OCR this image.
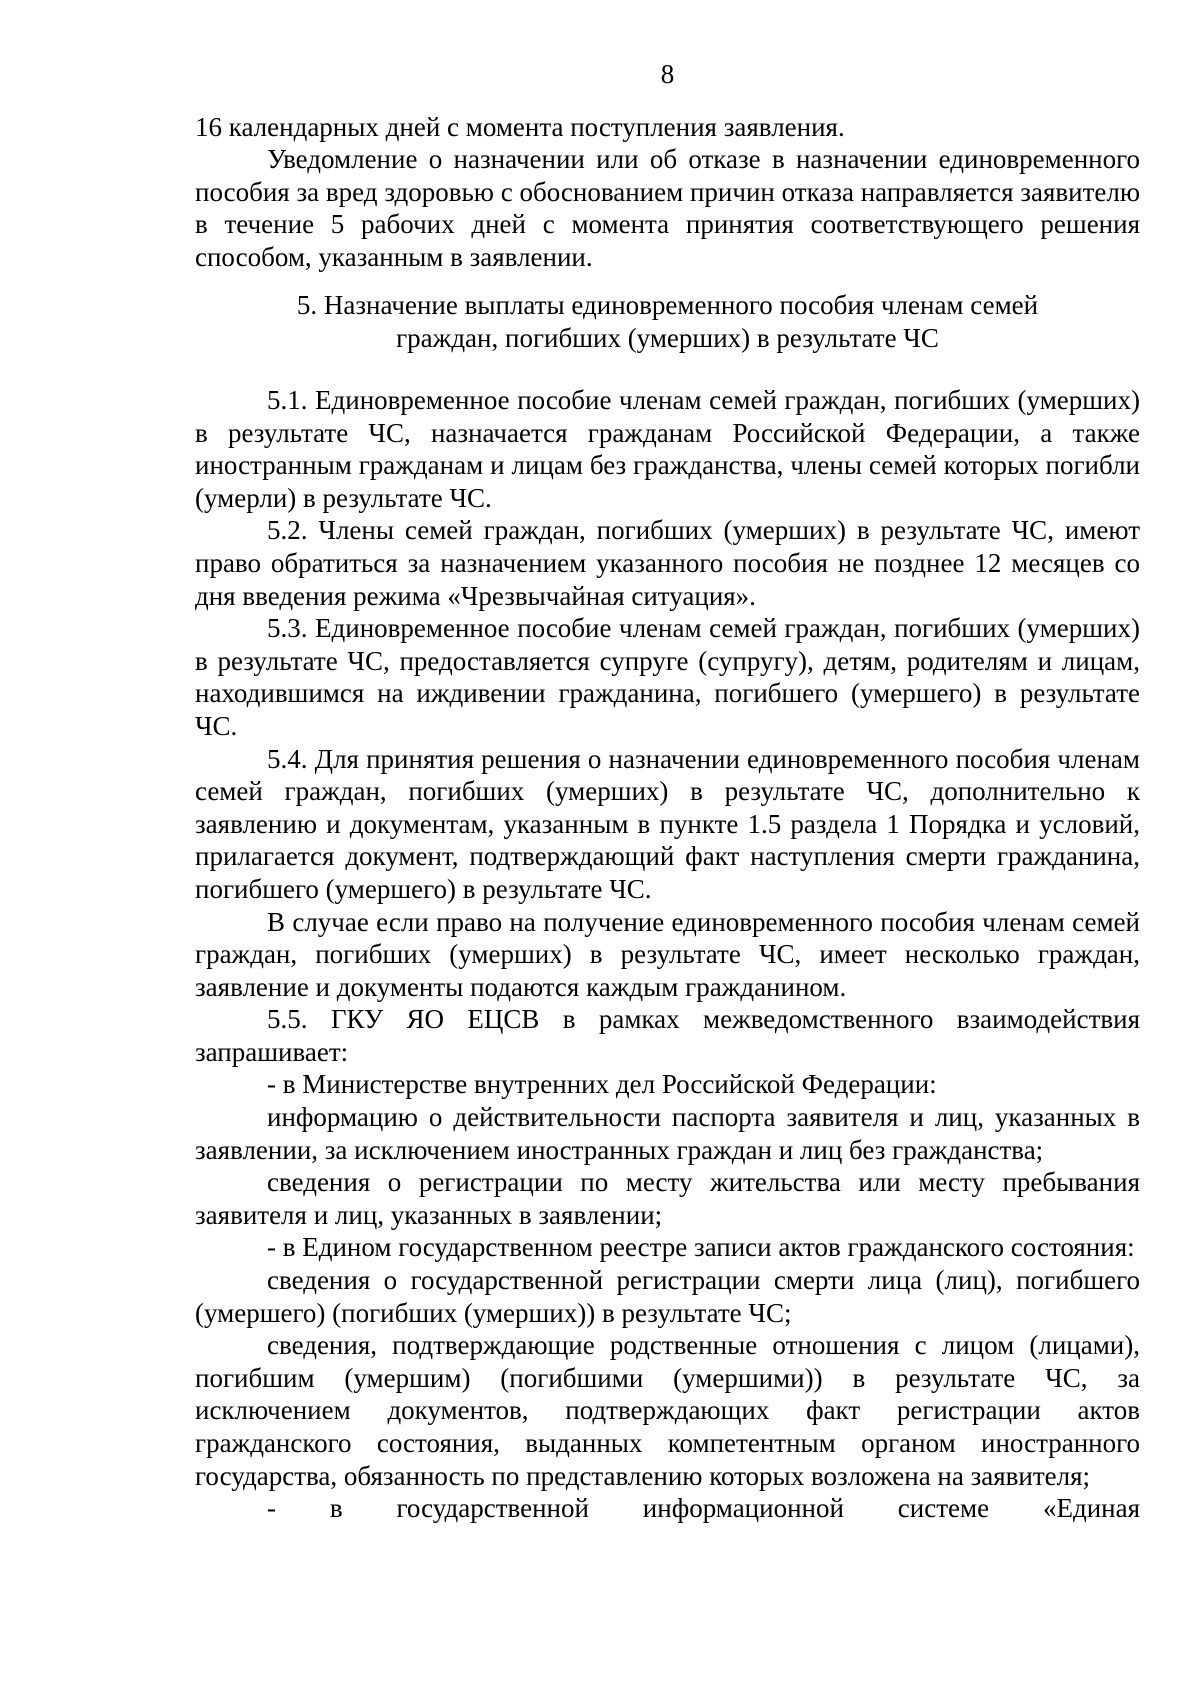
8

16 календарных дней с момента поступления заявления.

Уведомление о назначении или об отказе в назначении единовременного пособия за вред здоровью с обоснованием причин отказа направляется заявителю в течение 5 рабочих дней с момента принятия соответствующего решения способом, указанным в заявлении.

5. Назначение выплаты единовременного пособия членам семей

граждан, погибших (умерших) в результате ЧС

5.1. Единовременное пособие членам семей граждан, погибших (умерших) в результате ЧС, назначается гражданам Российской Федерации, а также иностранным гражданам и лицам без гражданства, члены семей которых погибли (умерли) в результате ЧС.

5.2. Члены семей граждан, погибших (умерших) в результате ЧС, имеют право обратиться за назначением указанного пособия не позднее 12 месяцев со дня введения режима «Чрезвычайная ситуация».

5.3. Единовременное пособие членам семей граждан, погибших (умерших) в результате ЧС, предоставляется супруге (супругу), детям, родителям и лицам, находившимся на иждивении гражданина, погибшего (умершего) в результате ЧС.

5.4. Для принятия решения о назначении единовременного пособия членам семей граждан, погибших (умерших) в результате ЧС, дополнительно к заявлению и документам, указанным в пункте 1.5 раздела 1 Порядка и условий, прилагается документ, подтверждающий факт наступления смерти гражданина, погибшего (умершего) в результате ЧС.

В случае если право на получение единовременного пособия членам семей граждан, погибших (умерших) в результате ЧС, имеет несколько граждан, заявление и документы подаются каждым гражданином.

5.5. ГКУ ЯО ЕЦСВ в рамках межведомственного взаимодействия запрашивает:

- в Министерстве внутренних дел Российской Федерации:

информацию о действительности паспорта заявителя и лиц, указанных в заявлении, за исключением иностранных граждан и лиц без гражданства;

сведения о регистрации по месту жительства или месту пребывания заявителя и лиц, указанных в заявлении;

- в Едином государственном реестре записи актов гражданского состояния:

сведения о государственной регистрации смерти лица (лиц), погибшего (умершего) (погибших (умерших)) в результате ЧС;

сведения, подтверждающие родственные отношения с лицом (лицами), погибшим (умершим) (погибшими (умершими)) в результате ЧС, за исключением документов, подтверждающих факт регистрации актов гражданского состояния, выданных компетентным органом иностранного государства, обязанность по представлению которых возложена на заявителя;

- в государственной информационной системе «Единая
